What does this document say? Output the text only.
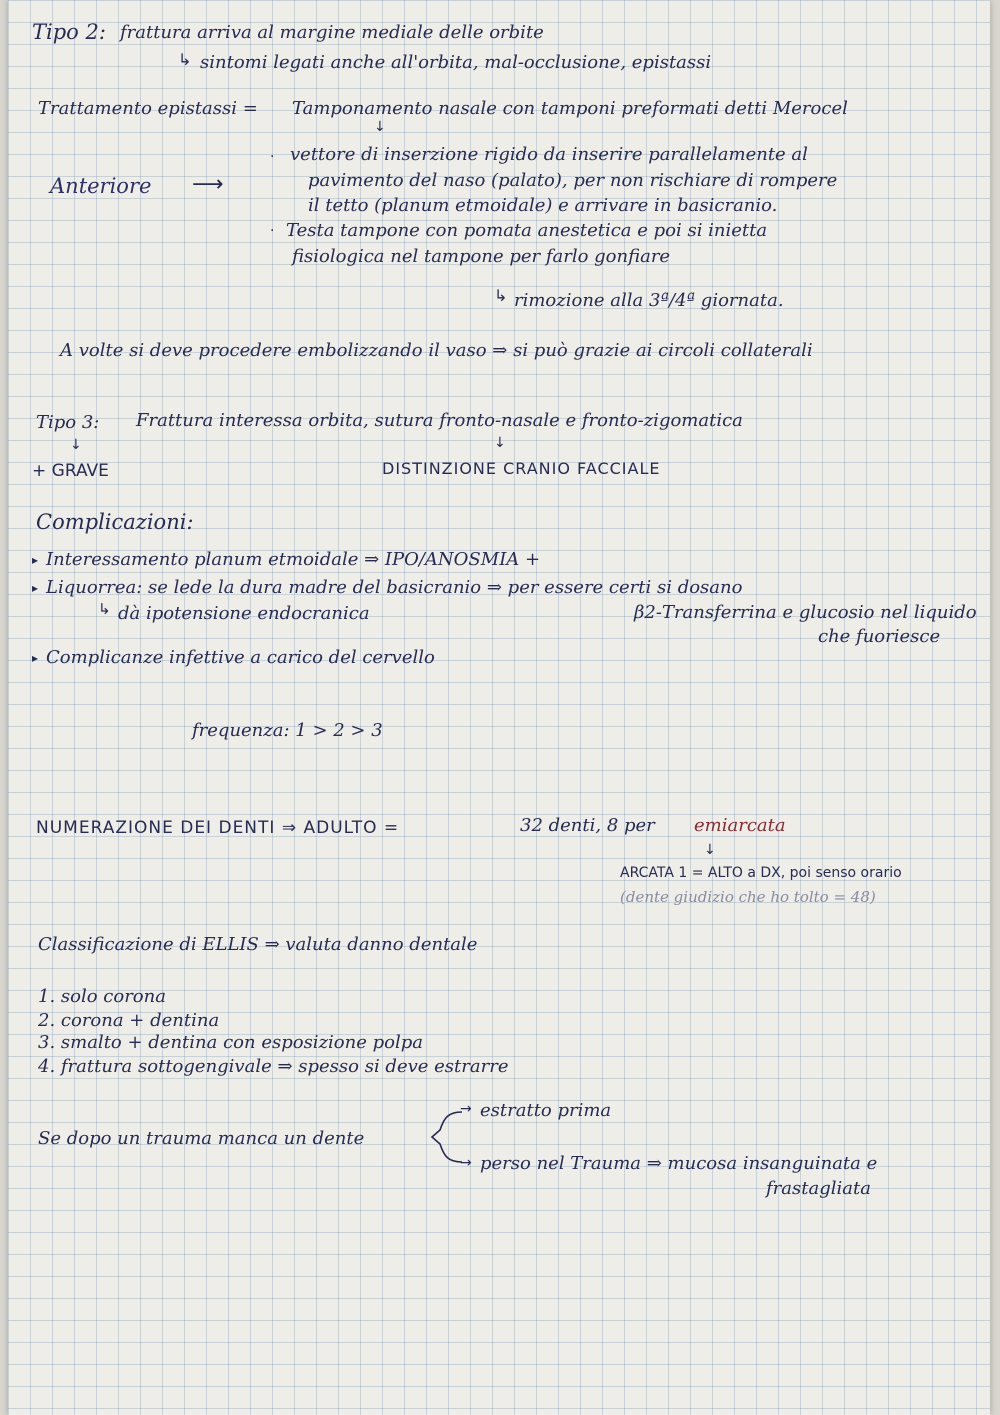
Tipo 2: frattura arriva al margine mediale delle orbite
↳ sintomi legati anche all'orbita, mal-occlusione, epistassi
Trattamento epistassi = Tamponamento nasale con tamponi preformati detti Merocel
↓
Anteriore ⟶
· vettore di inserzione rigido da inserire parallelamente al
pavimento del naso (palato), per non rischiare di rompere
il tetto (planum etmoidale) e arrivare in basicranio.
· Testa tampone con pomata anestetica e poi si inietta
fisiologica nel tampone per farlo gonfiare
↳ rimozione alla 3ª/4ª giornata.
A volte si deve procedere embolizzando il vaso ⇒ si può grazie ai circoli collaterali
Tipo 3: Frattura interessa orbita, sutura fronto-nasale e fronto-zigomatica
↓	↓
+ GRAVE	DISTINZIONE CRANIO FACCIALE
Complicazioni:
▸ Interessamento planum etmoidale ⇒ IPO/ANOSMIA +
▸ Liquorrea: se lede la dura madre del basicranio ⇒ per essere certi si dosano
↳ dà ipotensione endocranica	β2-Transferrina e glucosio nel liquido
che fuoriesce
▸ Complicanze infettive a carico del cervello
frequenza: 1 > 2 > 3
NUMERAZIONE DEI DENTI ⇒ ADULTO =	32 denti, 8 per emiarcata
↓
ARCATA 1 = ALTO a DX, poi senso orario
(dente giudizio che ho tolto = 48)
Classificazione di ELLIS ⇒ valuta danno dentale
1. solo corona
2. corona + dentina
3. smalto + dentina con esposizione polpa
4. frattura sottogengivale ⇒ spesso si deve estrarre
Se dopo un trauma manca un dente
→ estratto prima
→ perso nel Trauma ⇒ mucosa insanguinata e
frastagliata
